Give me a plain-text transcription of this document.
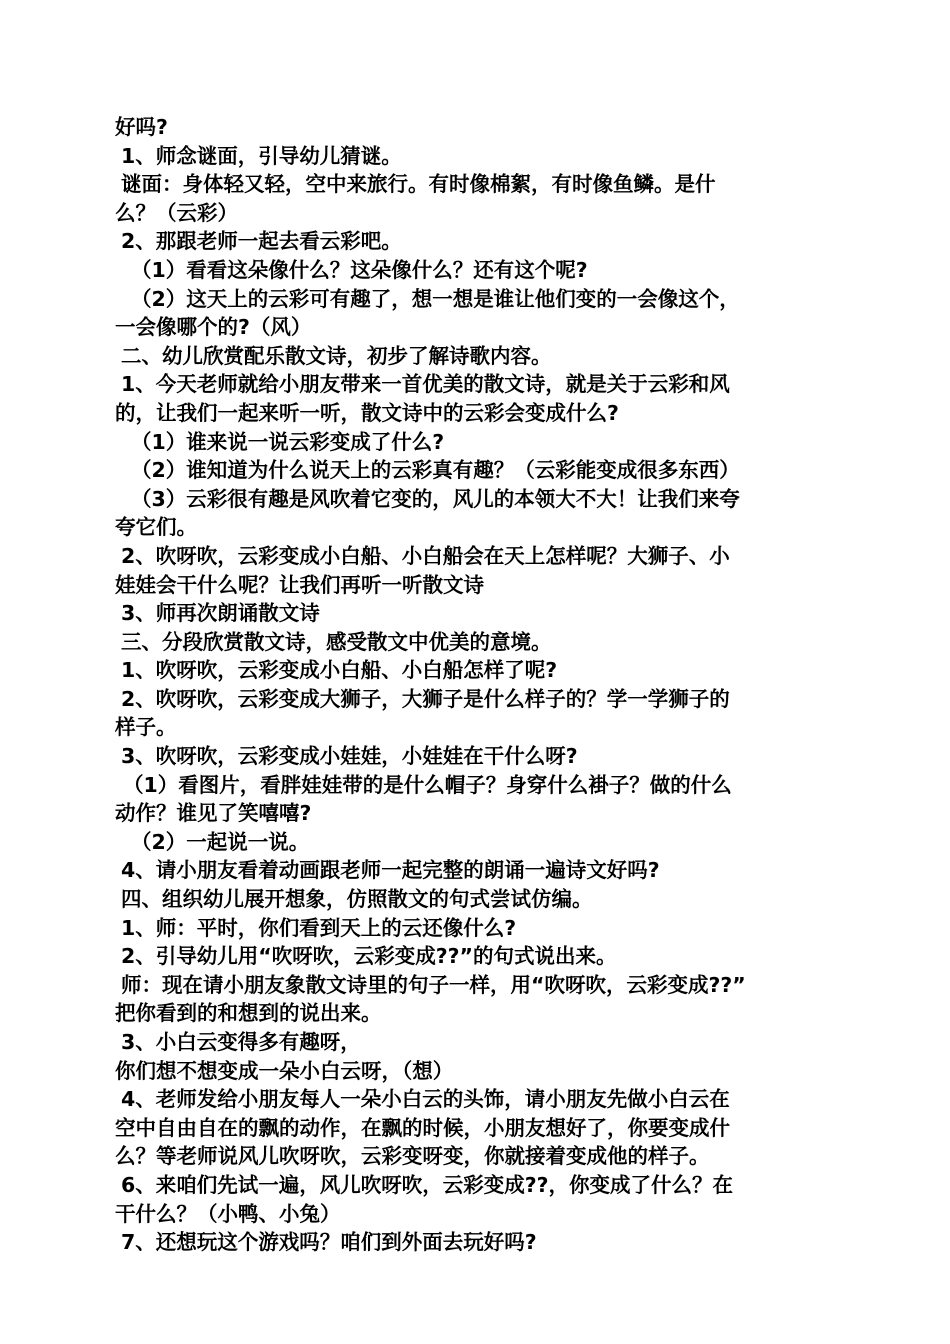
好吗?
1、师念谜面，引导幼儿猜谜。
谜面：身体轻又轻，空中来旅行。有时像棉絮，有时像鱼鳞。是什
么？（云彩）
2、那跟老师一起去看云彩吧。
（1）看看这朵像什么？这朵像什么？还有这个呢?
（2）这天上的云彩可有趣了，想一想是谁让他们变的一会像这个，
一会像哪个的?（风）
二、幼儿欣赏配乐散文诗，初步了解诗歌内容。
1、今天老师就给小朋友带来一首优美的散文诗，就是关于云彩和风
的，让我们一起来听一听，散文诗中的云彩会变成什么?
（1）谁来说一说云彩变成了什么?
（2）谁知道为什么说天上的云彩真有趣？（云彩能变成很多东西）
（3）云彩很有趣是风吹着它变的，风儿的本领大不大！让我们来夸
夸它们。
2、吹呀吹，云彩变成小白船、小白船会在天上怎样呢？大狮子、小
娃娃会干什么呢？让我们再听一听散文诗
3、师再次朗诵散文诗
三、分段欣赏散文诗，感受散文中优美的意境。
1、吹呀吹，云彩变成小白船、小白船怎样了呢?
2、吹呀吹，云彩变成大狮子，大狮子是什么样子的？学一学狮子的
样子。
3、吹呀吹，云彩变成小娃娃，小娃娃在干什么呀?
（1）看图片，看胖娃娃带的是什么帽子？身穿什么褂子？做的什么
动作？谁见了笑嘻嘻?
（2）一起说一说。
4、请小朋友看着动画跟老师一起完整的朗诵一遍诗文好吗?
四、组织幼儿展开想象，仿照散文的句式尝试仿编。
1、师：平时，你们看到天上的云还像什么?
2、引导幼儿用“吹呀吹，云彩变成??”的句式说出来。
师：现在请小朋友象散文诗里的句子一样，用“吹呀吹，云彩变成??”
把你看到的和想到的说出来。
3、小白云变得多有趣呀，
你们想不想变成一朵小白云呀，（想）
4、老师发给小朋友每人一朵小白云的头饰，请小朋友先做小白云在
空中自由自在的飘的动作，在飘的时候，小朋友想好了，你要变成什
么？等老师说风儿吹呀吹，云彩变呀变，你就接着变成他的样子。
6、来咱们先试一遍，风儿吹呀吹，云彩变成??，你变成了什么？在
干什么？（小鸭、小兔）
7、还想玩这个游戏吗？咱们到外面去玩好吗?
